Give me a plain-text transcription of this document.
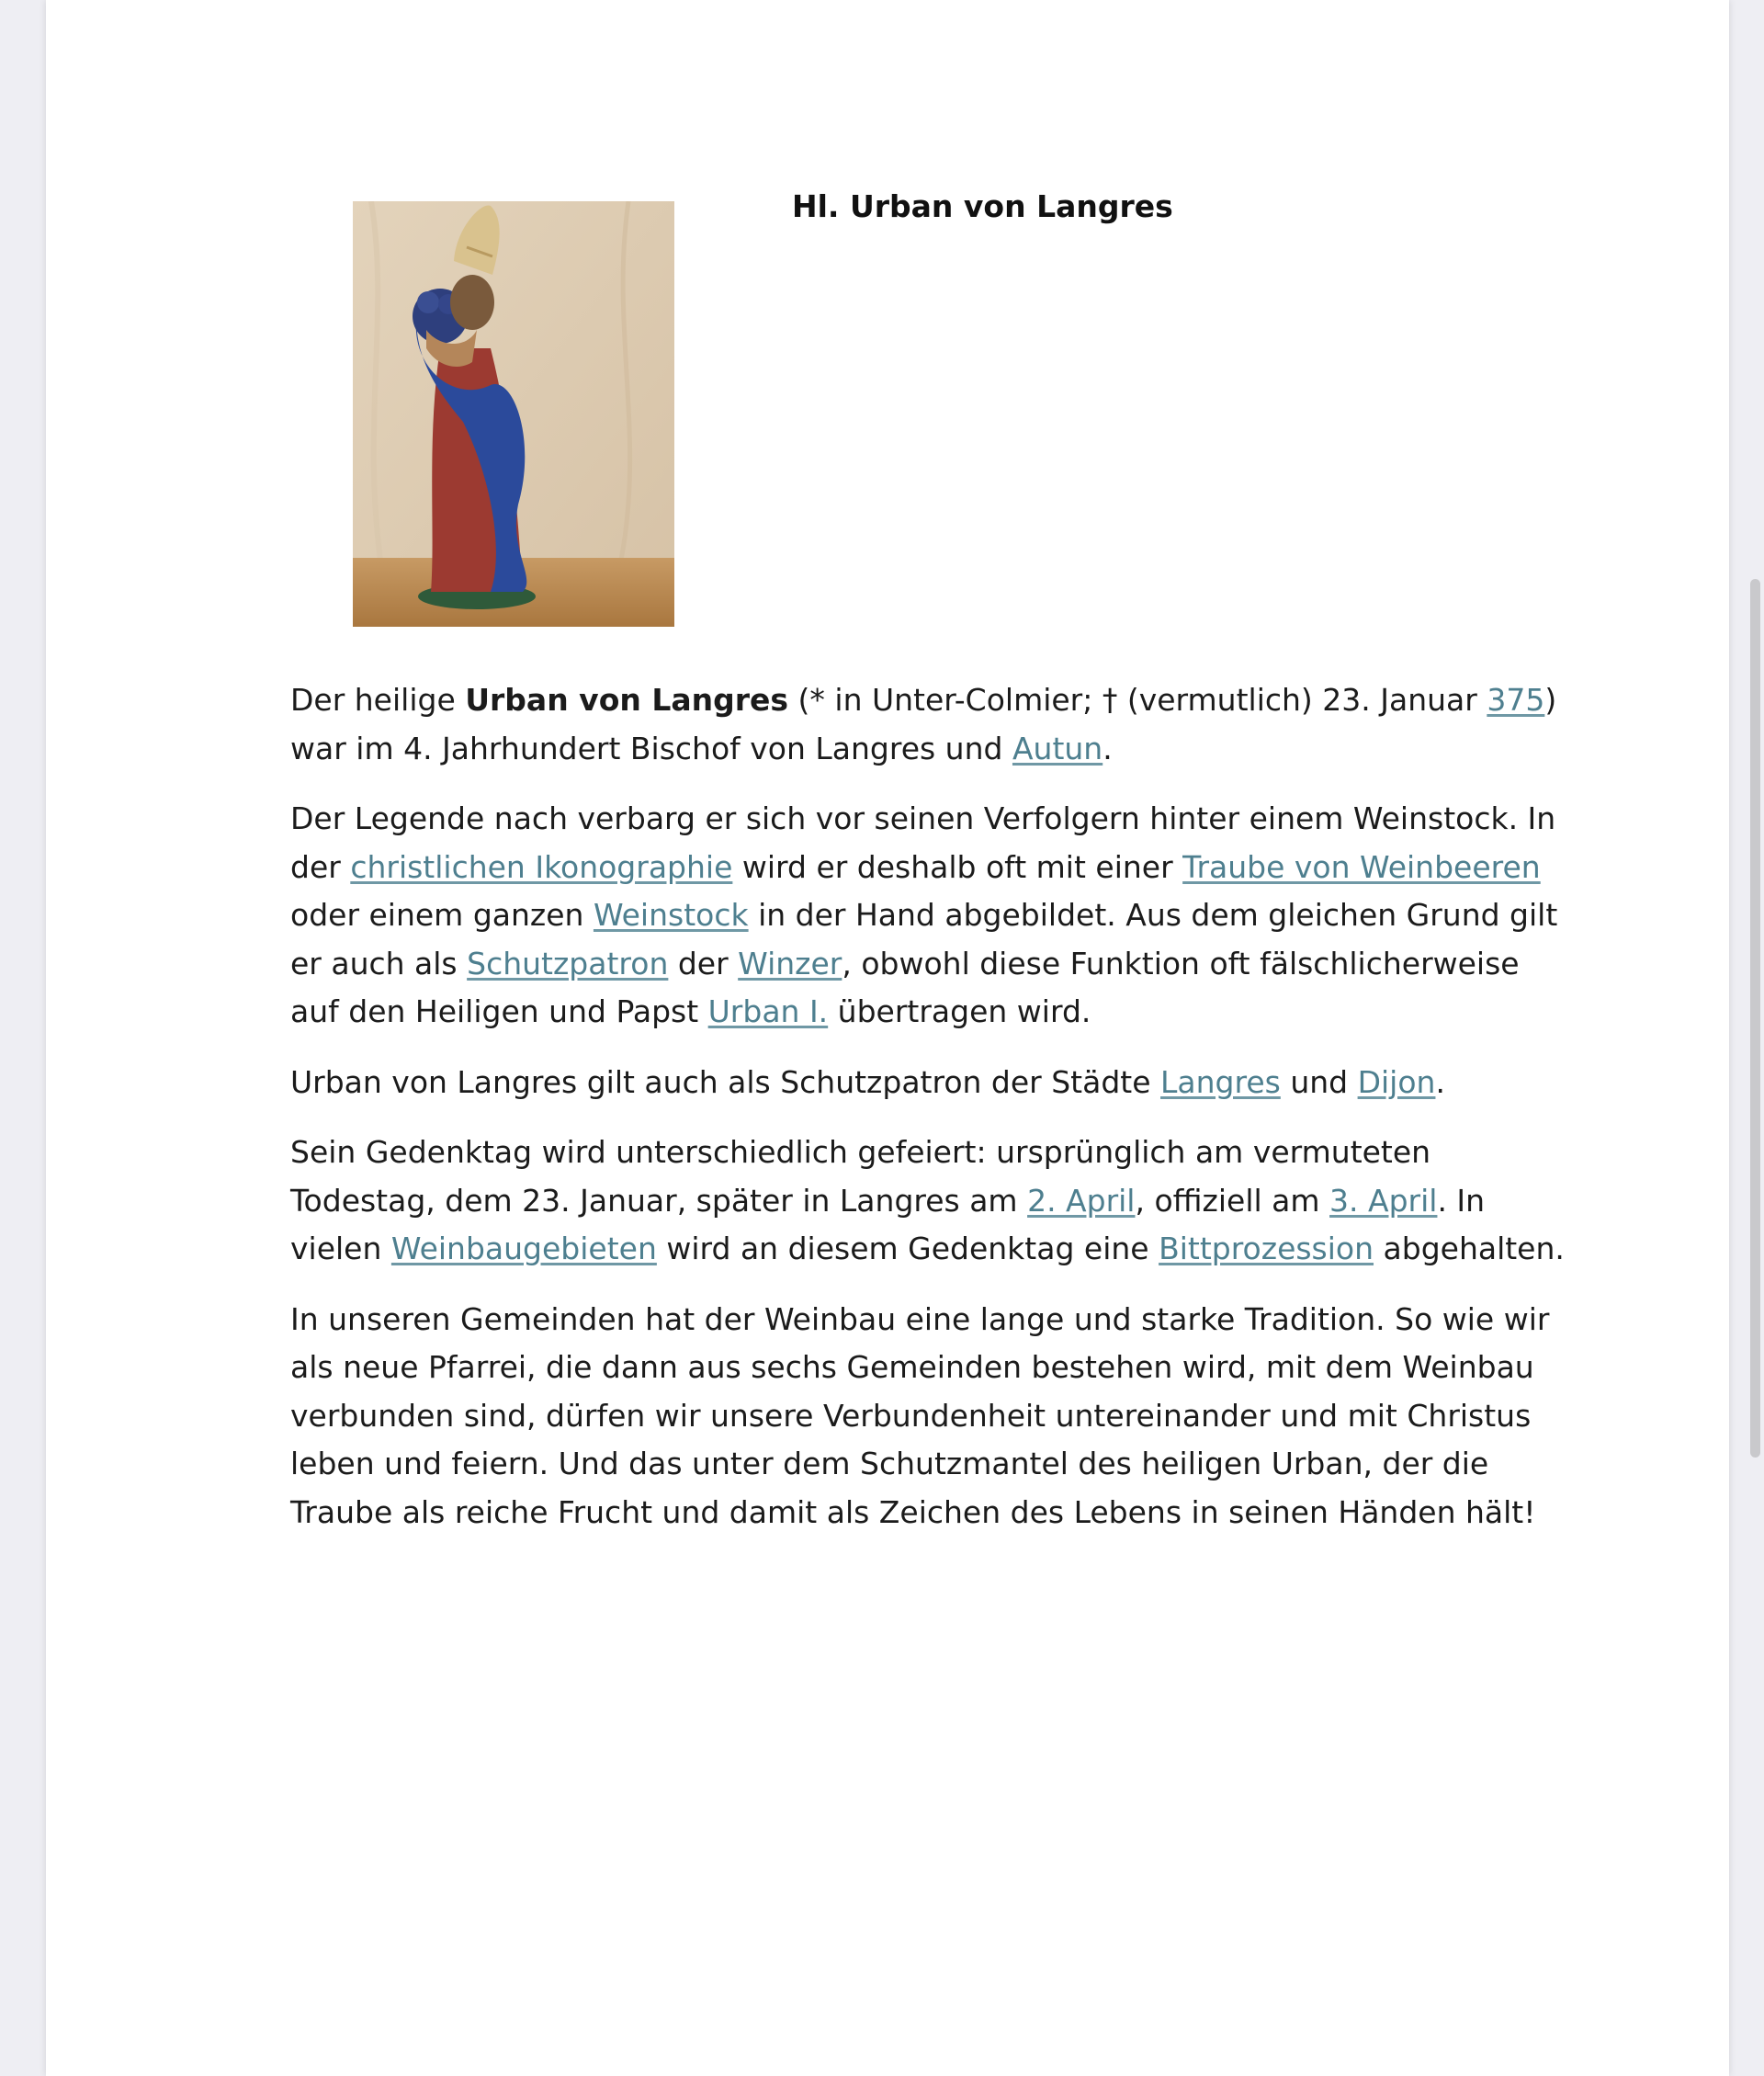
Hl. Urban von Langres

Der heilige Urban von Langres (* in Unter-Colmier; † (vermutlich) 23. Januar 375) war im 4. Jahrhundert Bischof von Langres und Autun.

Der Legende nach verbarg er sich vor seinen Verfolgern hinter einem Weinstock. In der christlichen Ikonographie wird er deshalb oft mit einer Traube von Weinbeeren oder einem ganzen Weinstock in der Hand abgebildet. Aus dem gleichen Grund gilt er auch als Schutzpatron der Winzer, obwohl diese Funktion oft fälschlicherweise auf den Heiligen und Papst Urban I. übertragen wird.

Urban von Langres gilt auch als Schutzpatron der Städte Langres und Dijon.

Sein Gedenktag wird unterschiedlich gefeiert: ursprünglich am vermuteten Todestag, dem 23. Januar, später in Langres am 2. April, offiziell am 3. April. In vielen Weinbaugebieten wird an diesem Gedenktag eine Bittprozession abgehalten.

In unseren Gemeinden hat der Weinbau eine lange und starke Tradition. So wie wir als neue Pfarrei, die dann aus sechs Gemeinden bestehen wird, mit dem Weinbau verbunden sind, dürfen wir unsere Verbundenheit untereinander und mit Christus leben und feiern. Und das unter dem Schutzmantel des heiligen Urban, der die Traube als reiche Frucht und damit als Zeichen des Lebens in seinen Händen hält!
